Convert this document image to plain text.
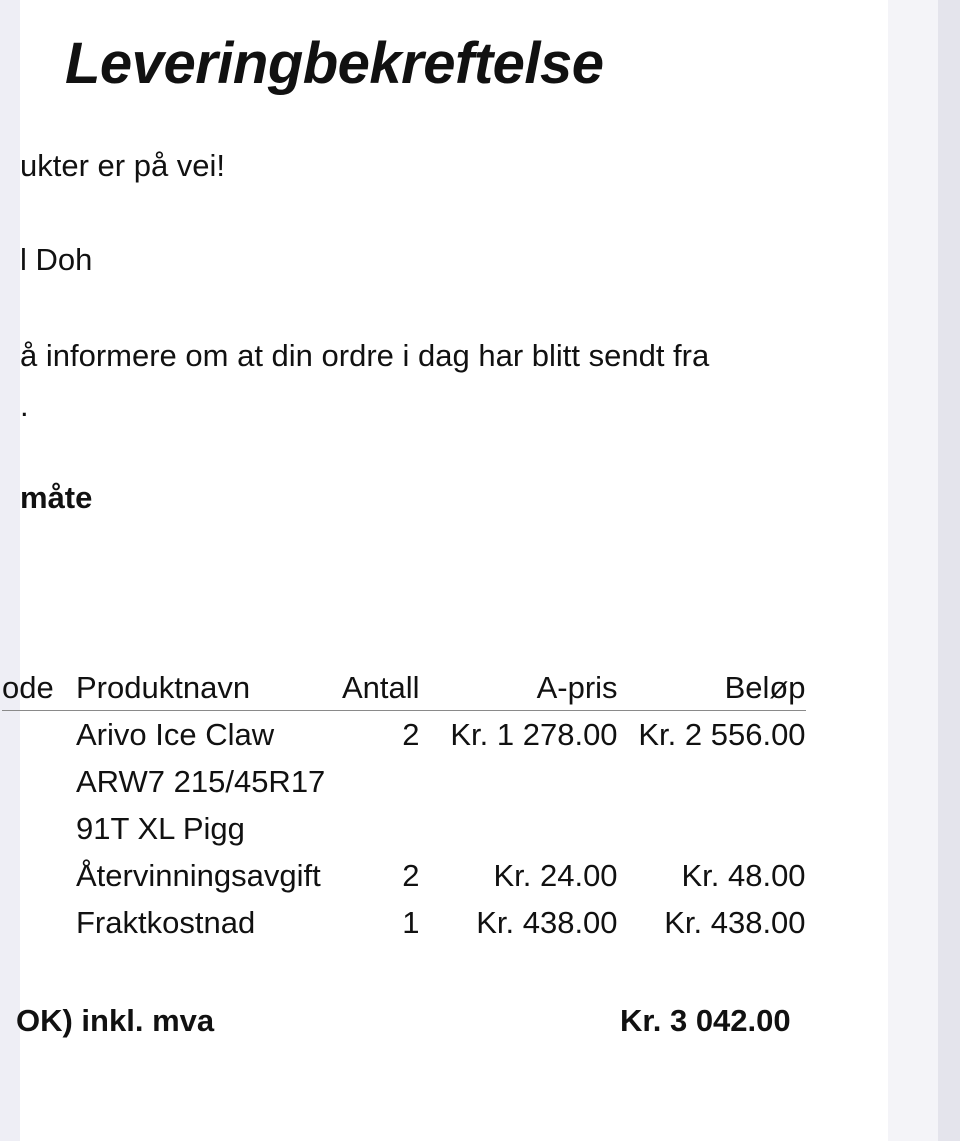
Leveringbekreftelse
ukter er på vei!
l Doh
å informere om at din ordre i dag har blitt sendt fra
.
måte
ode	Produktnavn	Antall	A-pris	Beløp
	Arivo Ice Claw	2	Kr. 1 278.00	Kr. 2 556.00
	ARW7 215/45R17			
	91T XL Pigg			
	Återvinningsavgift	2	Kr. 24.00	Kr. 48.00
	Fraktkostnad	1	Kr. 438.00	Kr. 438.00
OK) inkl. mva	Kr. 3 042.00
